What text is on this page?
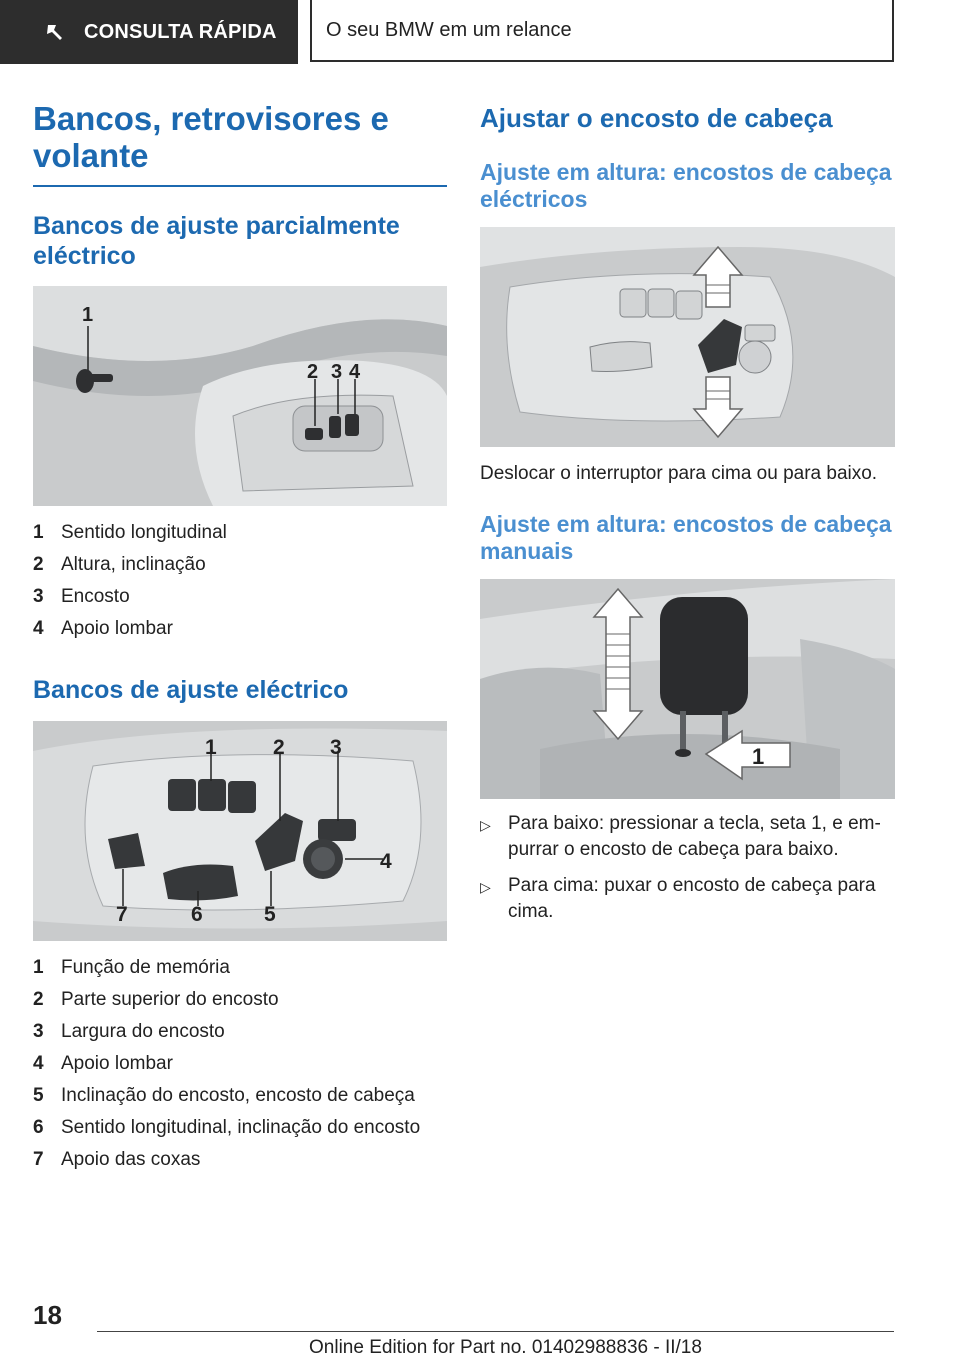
CONSULTA RÁPIDA O seu BMW em um relance
Bancos, retrovisores e volante
Bancos de ajuste parcialmente eléctrico
1
2 3 4
1 Sentido longitudinal
2 Altura, inclinação
3 Encosto
4 Apoio lombar
Bancos de ajuste eléctrico
1	2 3
4
5
6
7
1 Função de memória
2 Parte superior do encosto
3 Largura do encosto
4 Apoio lombar
5 Inclinação do encosto, encosto de cabeça
6 Sentido longitudinal, inclinação do encosto
7 Apoio das coxas
Ajustar o encosto de cabeça
Ajuste em altura: encostos de cabeça eléctricos

Deslocar o interruptor para cima ou para baixo.

Ajuste em altura: encostos de cabeça manuais
1
▷ Para baixo: pressionar a tecla, seta 1, e em-purrar o encosto de cabeça para baixo.
▷ Para cima: puxar o encosto de cabeça para cima.
18
Online Edition for Part no. 01402988836 - II/18
